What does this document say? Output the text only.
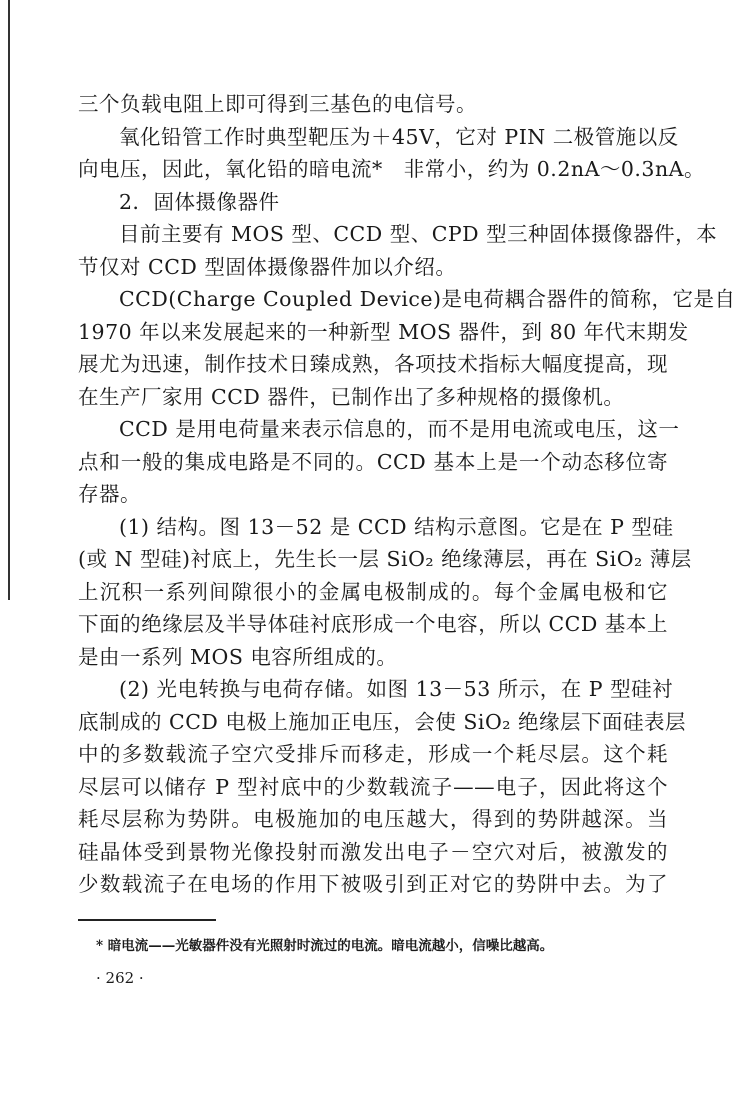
三个负载电阻上即可得到三基色的电信号。
氧化铅管工作时典型靶压为＋45V，它对 PIN 二极管施以反
向电压，因此，氧化铅的暗电流*　非常小，约为 0.2nA～0.3nA。
2．固体摄像器件
目前主要有 MOS 型、CCD 型、CPD 型三种固体摄像器件，本
节仅对 CCD 型固体摄像器件加以介绍。
CCD(Charge Coupled Device)是电荷耦合器件的简称，它是自
1970 年以来发展起来的一种新型 MOS 器件，到 80 年代末期发
展尤为迅速，制作技术日臻成熟，各项技术指标大幅度提高，现
在生产厂家用 CCD 器件，已制作出了多种规格的摄像机。
CCD 是用电荷量来表示信息的，而不是用电流或电压，这一
点和一般的集成电路是不同的。CCD 基本上是一个动态移位寄
存器。
(1) 结构。图 13－52 是 CCD 结构示意图。它是在 P 型硅
(或 N 型硅)衬底上，先生长一层 SiO₂ 绝缘薄层，再在 SiO₂ 薄层
上沉积一系列间隙很小的金属电极制成的。每个金属电极和它
下面的绝缘层及半导体硅衬底形成一个电容，所以 CCD 基本上
是由一系列 MOS 电容所组成的。
(2) 光电转换与电荷存储。如图 13－53 所示，在 P 型硅衬
底制成的 CCD 电极上施加正电压，会使 SiO₂ 绝缘层下面硅表层
中的多数载流子空穴受排斥而移走，形成一个耗尽层。这个耗
尽层可以储存 P 型衬底中的少数载流子——电子，因此将这个
耗尽层称为势阱。电极施加的电压越大，得到的势阱越深。当
硅晶体受到景物光像投射而激发出电子－空穴对后，被激发的
少数载流子在电场的作用下被吸引到正对它的势阱中去。为了
* 暗电流——光敏器件没有光照射时流过的电流。暗电流越小，信噪比越高。
· 262 ·
